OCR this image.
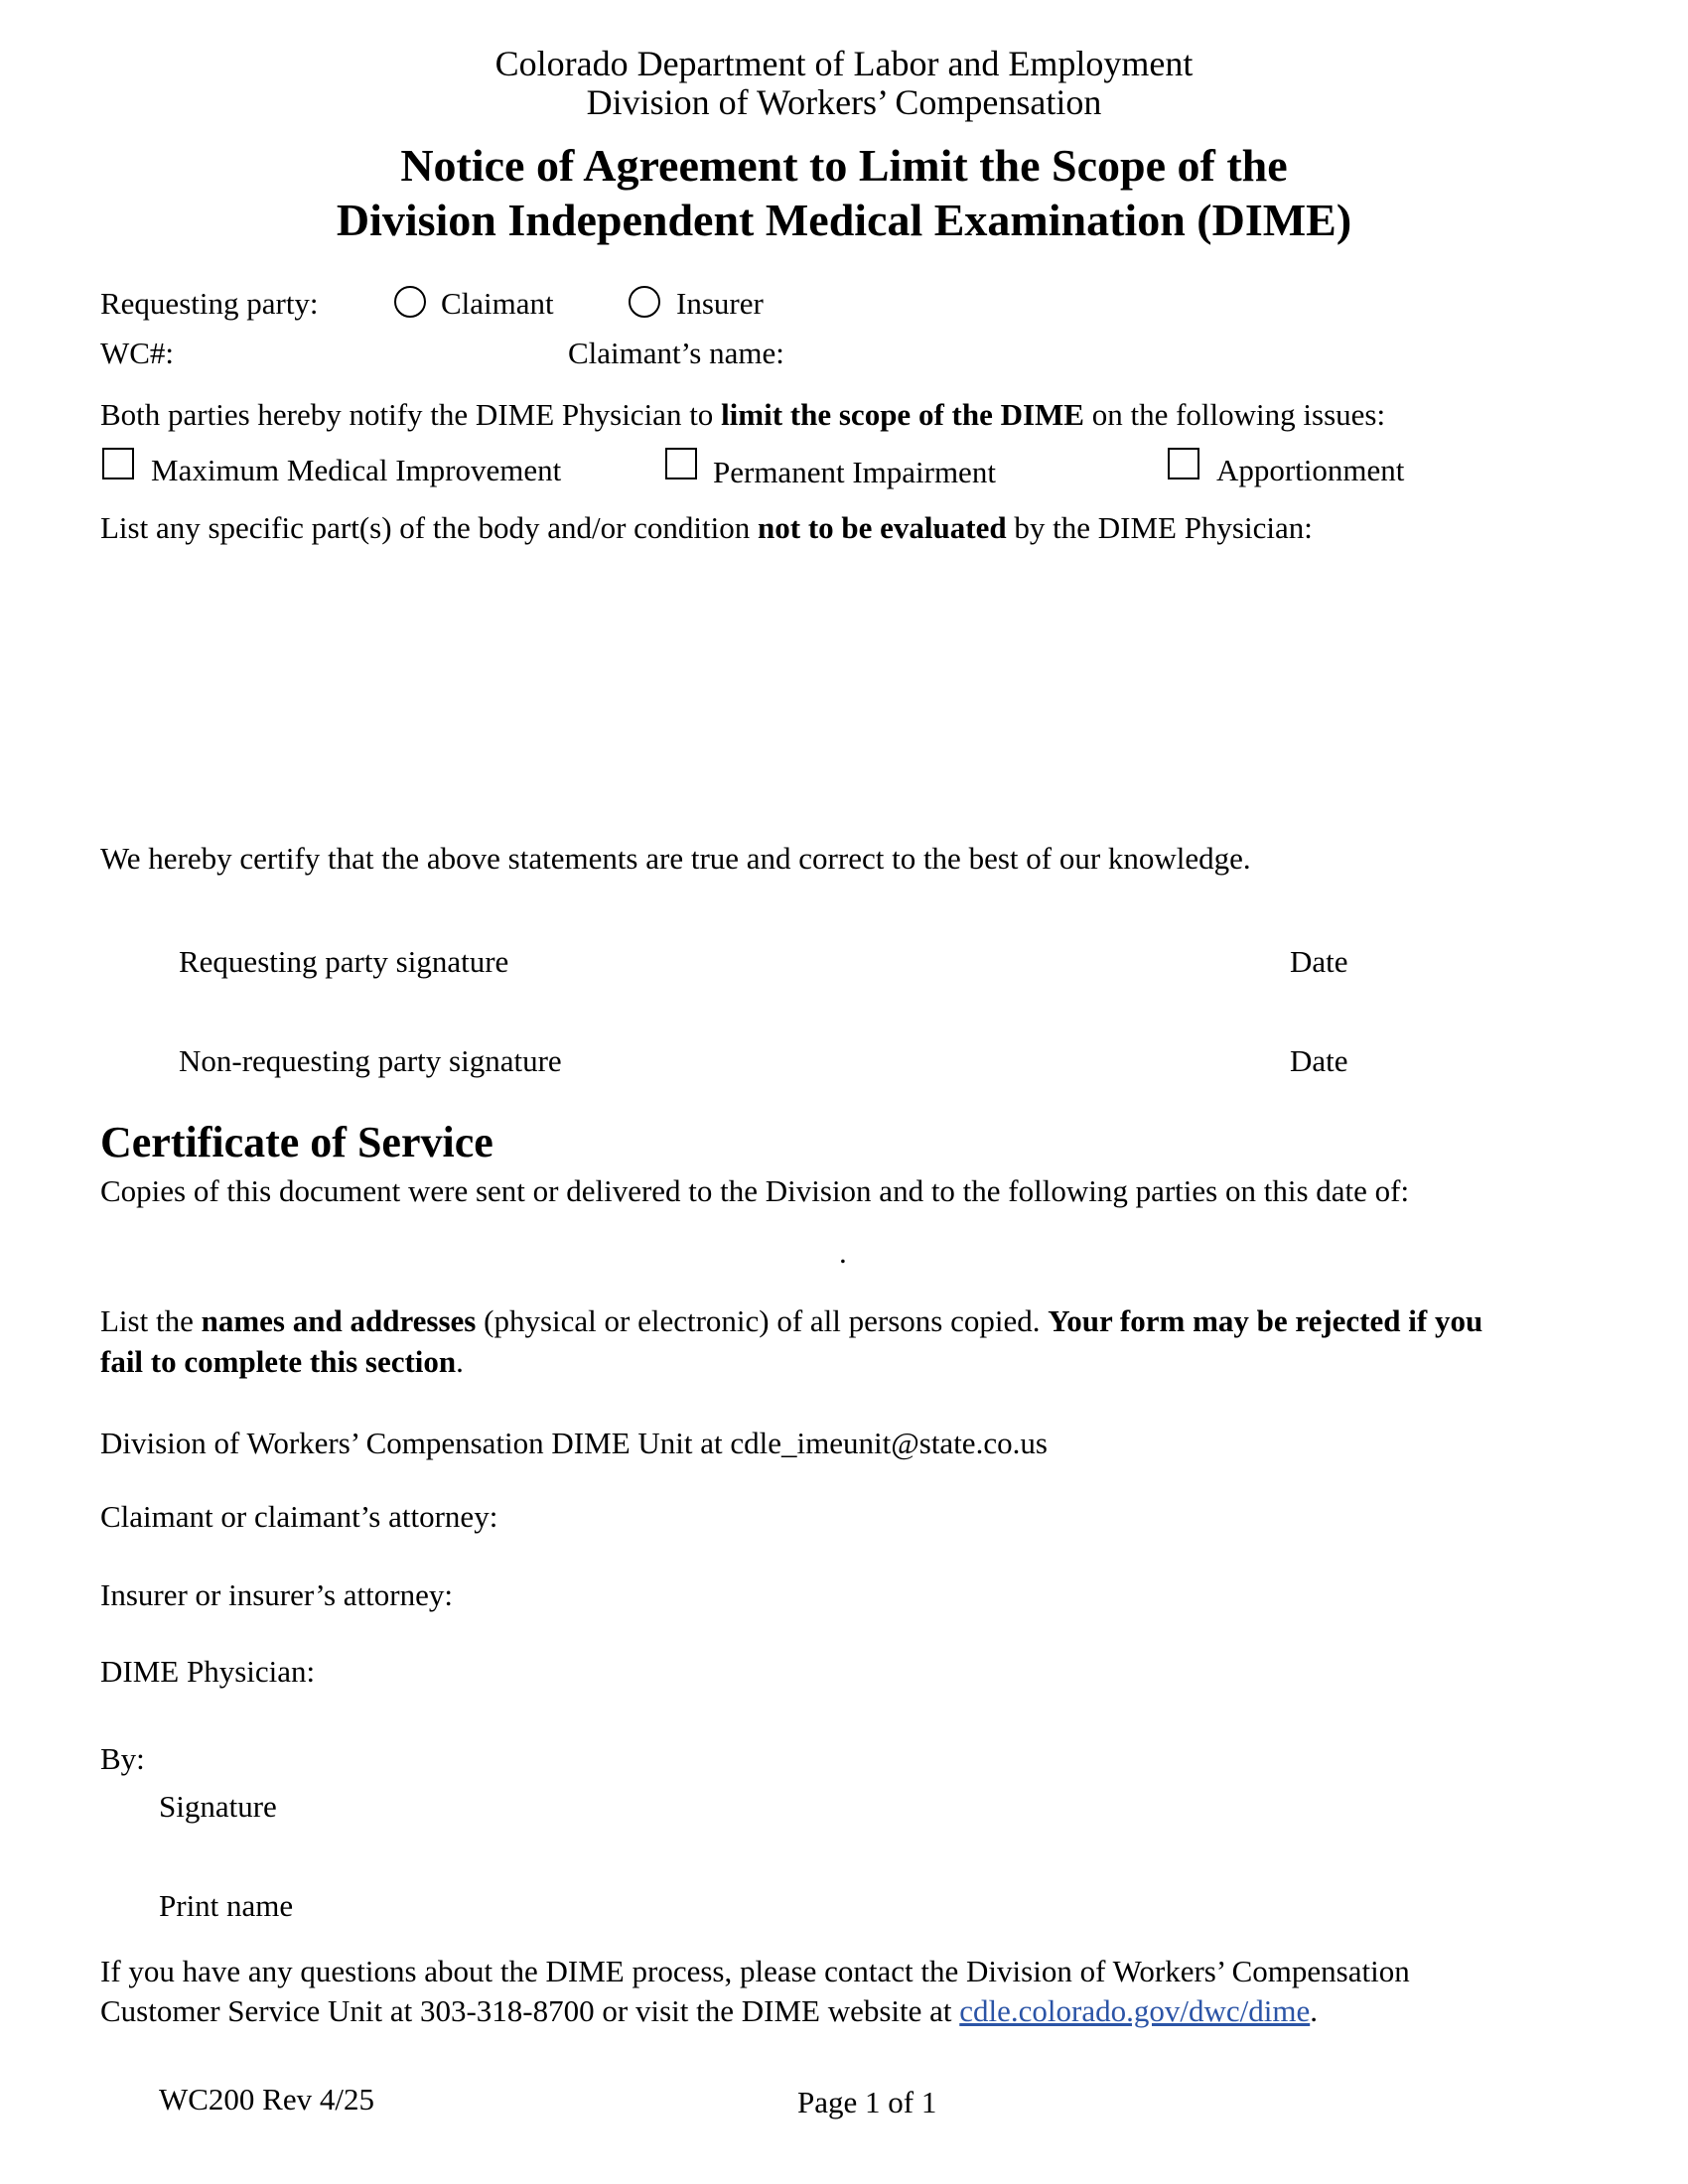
Colorado Department of Labor and Employment
Division of Workers’ Compensation
Notice of Agreement to Limit the Scope of the
Division Independent Medical Examination (DIME)
Requesting party:	Claimant	Insurer
WC#:	Claimant’s name:
Both parties hereby notify the DIME Physician to limit the scope of the DIME on the following issues:
Maximum Medical Improvement	Permanent Impairment	Apportionment
List any specific part(s) of the body and/or condition not to be evaluated by the DIME Physician:
We hereby certify that the above statements are true and correct to the best of our knowledge.
Requesting party signature	Date
Non-requesting party signature	Date
Certificate of Service
Copies of this document were sent or delivered to the Division and to the following parties on this date of:
.
List the names and addresses (physical or electronic) of all persons copied. Your form may be rejected if you
fail to complete this section.
Division of Workers’ Compensation DIME Unit at cdle_imeunit@state.co.us
Claimant or claimant’s attorney:
Insurer or insurer’s attorney:
DIME Physician:
By:
Signature
Print name
If you have any questions about the DIME process, please contact the Division of Workers’ Compensation
Customer Service Unit at 303-318-8700 or visit the DIME website at cdle.colorado.gov/dwc/dime.
WC200 Rev 4/25	Page 1 of 1
